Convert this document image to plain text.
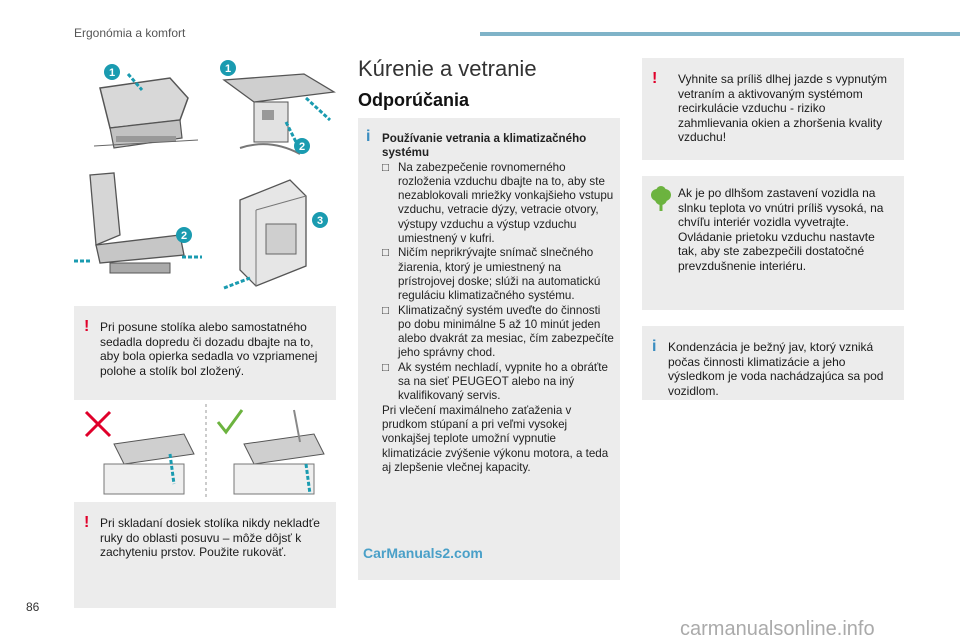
Ergonómia a komfort
1	1
2
2
3
! Pri posune stolíka alebo samostatného sedadla dopredu či dozadu dbajte na to, aby bola opierka sedadla vo vzpriamenej polohe a stolík bol zložený.
! Pri skladaní dosiek stolíka nikdy nekladťe ruky do oblasti posuvu – môže dôjsť k zachyteniu prstov. Použite rukoväť.
Kúrenie a vetranie
Odporúčania
i Používanie vetrania a klimatizačného systému
□ Na zabezpečenie rovnomerného rozloženia vzduchu dbajte na to, aby ste nezablokovali mriežky vonkajšieho vstupu vzduchu, vetracie dýzy, vetracie otvory, výstupy vzduchu a výstup vzduchu umiestnený v kufri.
□ Ničím neprikrývajte snímač slnečného žiarenia, ktorý je umiestnený na prístrojovej doske; slúži na automatickú reguláciu klimatizačného systému.
□ Klimatizačný systém uveďte do činnosti po dobu minimálne 5 až 10 minút jeden alebo dvakrát za mesiac, čím zabezpečíte jeho správny chod.
□ Ak systém nechladí, vypnite ho a obráťte sa na sieť PEUGEOT alebo na iný kvalifikovaný servis.
Pri vlečení maximálneho zaťaženia v prudkom stúpaní a pri veľmi vysokej vonkajšej teplote umožní vypnutie klimatizácie zvýšenie výkonu motora, a teda aj zlepšenie vlečnej kapacity.
! Vyhnite sa príliš dlhej jazde s vypnutým vetraním a aktivovaným systémom recirkulácie vzduchu - riziko zahmlievania okien a zhoršenia kvality vzduchu!
Ak je po dlhšom zastavení vozidla na slnku teplota vo vnútri príliš vysoká, na chvíľu interiér vozidla vyvetrajte. Ovládanie prietoku vzduchu nastavte tak, aby ste zabezpečili dostatočné prevzdušnenie interiéru.
i Kondenzácia je bežný jav, ktorý vzniká počas činnosti klimatizácie a jeho výsledkom je voda nachádzajúca sa pod vozidlom.
86
CarManuals2.com
carmanualsonline.info
